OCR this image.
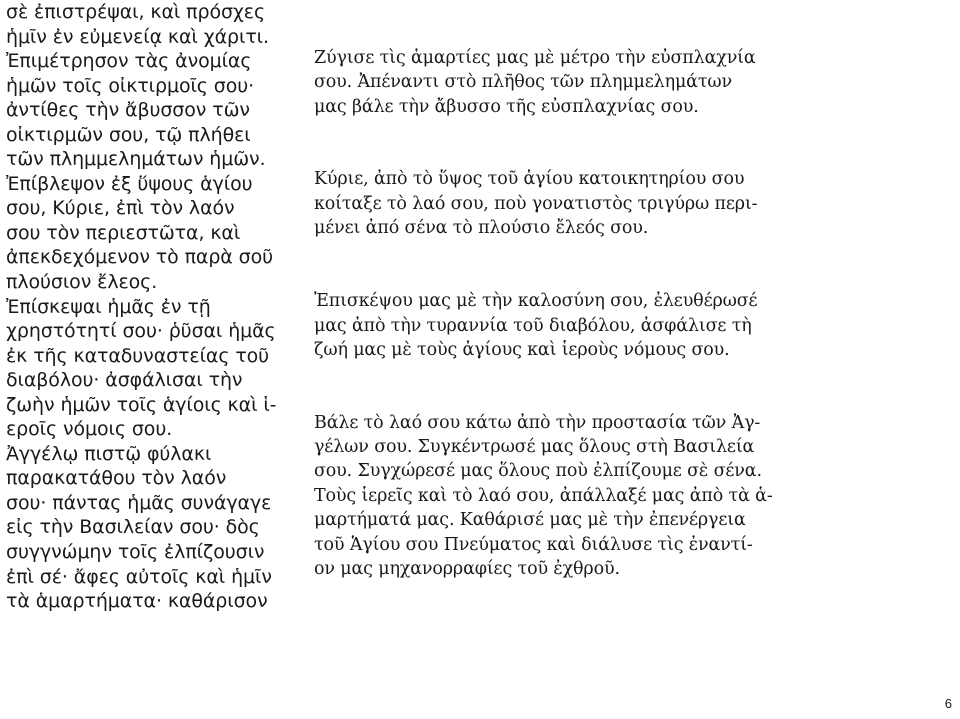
σὲ ἐπιστρέψαι, καὶ πρόσχες
ἡμῖν ἐν εὐμενείᾳ καὶ χάριτι.
Ἐπιμέτρησον τὰς ἀνομίας
ἡμῶν τοῖς οἰκτιρμοῖς σου·
ἀντίθες τὴν ἄβυσσον τῶν
οἰκτιρμῶν σου, τῷ πλήθει
τῶν πλημμελημάτων ἡμῶν.
Ἐπίβλεψον ἐξ ὕψους ἁγίου
σου, Κύριε, ἐπὶ τὸν λαόν
σου τὸν περιεστῶτα, καὶ
ἀπεκδεχόμενον τὸ παρὰ σοῦ
πλούσιον ἔλεος.
Ἐπίσκεψαι ἡμᾶς ἐν τῇ
χρηστότητί σου· ῥῦσαι ἡμᾶς
ἐκ τῆς καταδυναστείας τοῦ
διαβόλου· ἀσφάλισαι τὴν
ζωὴν ἡμῶν τοῖς ἁγίοις καὶ ἱ-
εροῖς νόμοις σου.
Ἀγγέλῳ πιστῷ φύλακι
παρακατάθου τὸν λαόν
σου· πάντας ἡμᾶς συνάγαγε
εἰς τὴν Βασιλείαν σου· δὸς
συγγνώμην τοῖς ἐλπίζουσιν
ἐπὶ σέ· ἄφες αὐτοῖς καὶ ἡμῖν
τὰ ἁμαρτήματα· καθάρισον
Ζύγισε τὶς ἁμαρτίες μας μὲ μέτρο τὴν εὐσπλαχνία
σου. Ἀπέναντι στὸ πλῆθος τῶν πλημμελημάτων
μας βάλε τὴν ἄβυσσο τῆς εὐσπλαχνίας σου.
Κύριε, ἀπὸ τὸ ὕψος τοῦ ἁγίου κατοικητηρίου σου
κοίταξε τὸ λαό σου, ποὺ γονατιστὸς τριγύρω περι-
μένει ἀπό σένα τὸ πλούσιο ἔλεός σου.
Ἐπισκέψου μας μὲ τὴν καλοσύνη σου, ἐλευθέρωσέ
μας ἀπὸ τὴν τυραννία τοῦ διαβόλου, ἀσφάλισε τὴ
ζωή μας μὲ τοὺς ἁγίους καὶ ἱεροὺς νόμους σου.
Βάλε τὸ λαό σου κάτω ἀπὸ τὴν προστασία τῶν Ἀγ-
γέλων σου. Συγκέντρωσέ μας ὅλους στὴ Βασιλεία
σου. Συγχώρεσέ μας ὅλους ποὺ ἐλπίζουμε σὲ σένα.
Τοὺς ἱερεῖς καὶ τὸ λαό σου, ἀπάλλαξέ μας ἀπὸ τὰ ἁ-
μαρτήματά μας. Καθάρισέ μας μὲ τὴν ἐπενέργεια
τοῦ Ἁγίου σου Πνεύματος καὶ διάλυσε τὶς ἐναντί-
ον μας μηχανορραφίες τοῦ ἐχθροῦ.
6
